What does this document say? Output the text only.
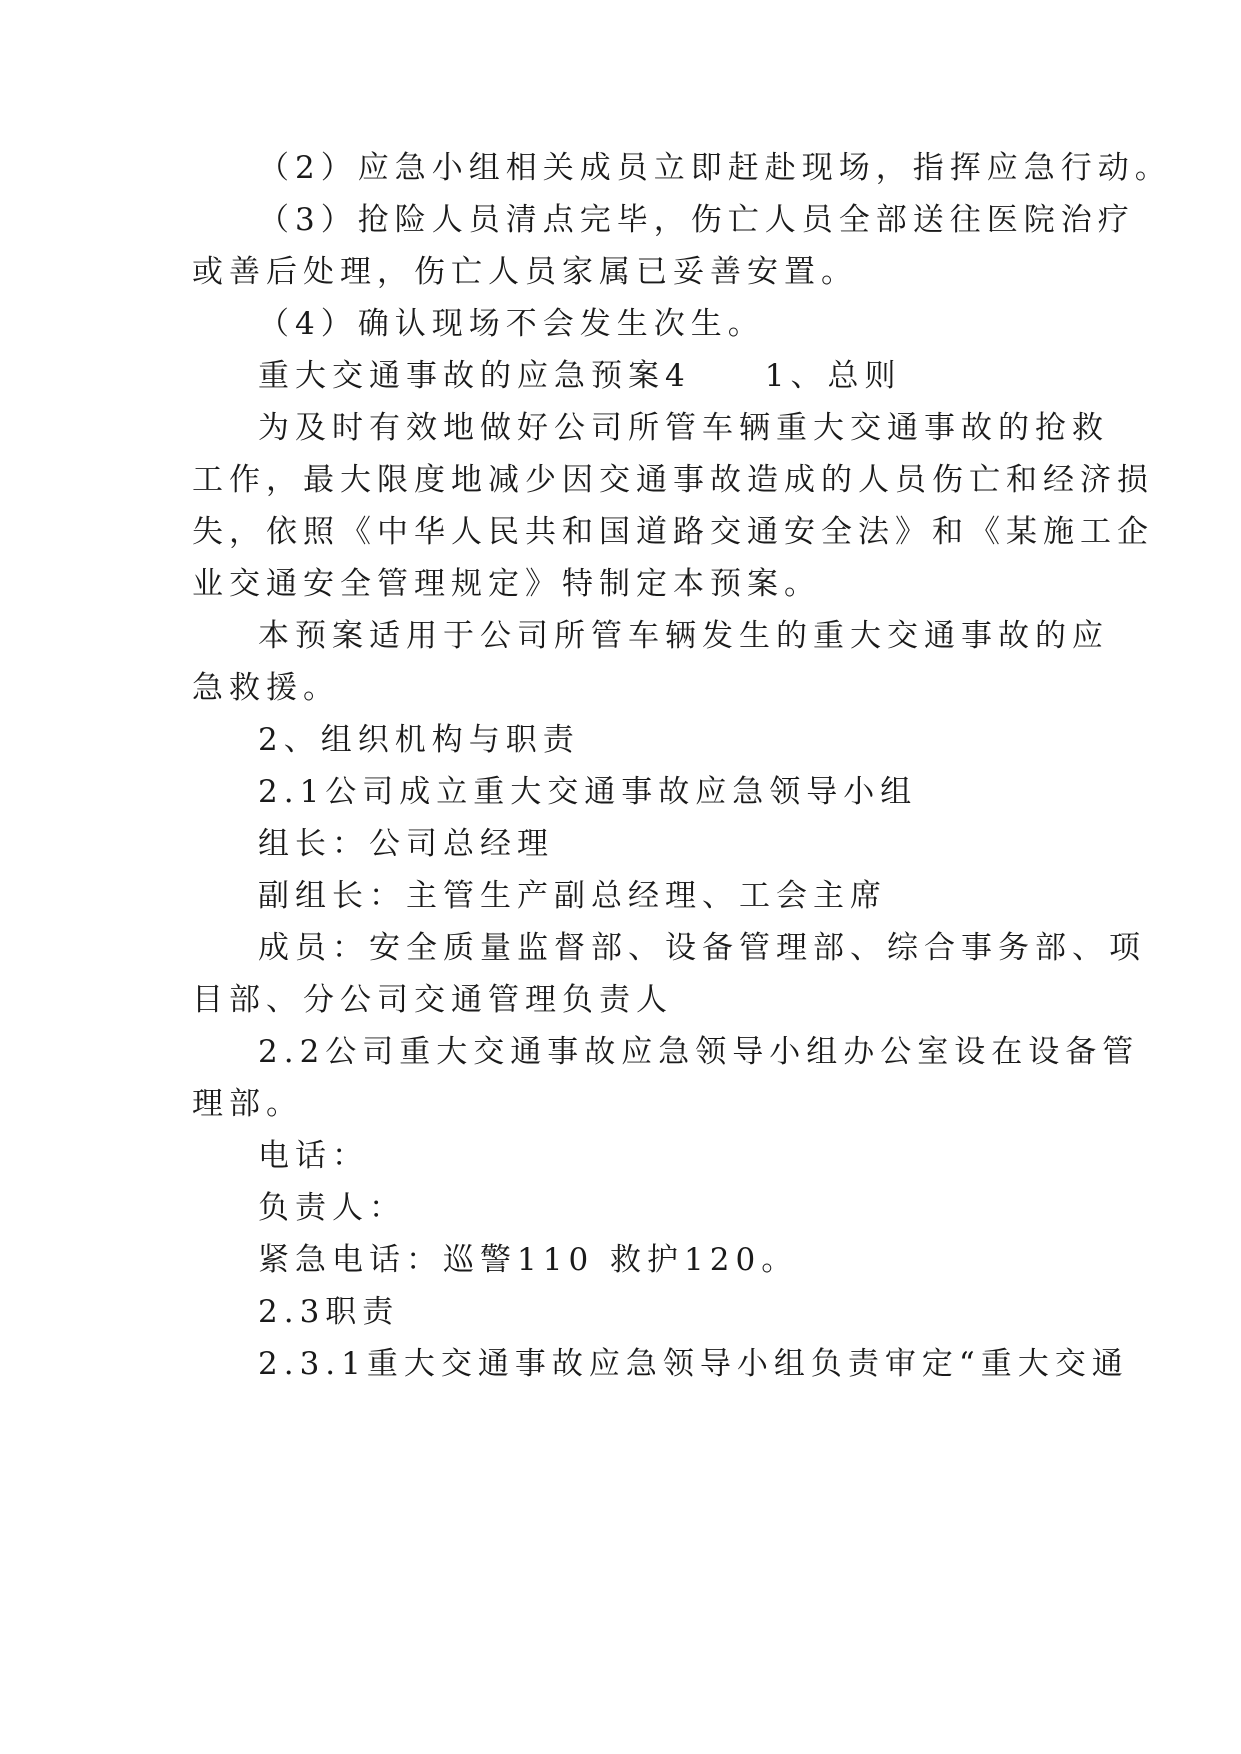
（2）应急小组相关成员立即赶赴现场，指挥应急行动。

（3）抢险人员清点完毕，伤亡人员全部送往医院治疗

或善后处理，伤亡人员家属已妥善安置。

（4）确认现场不会发生次生。

重大交通事故的应急预案4　　1、总则

为及时有效地做好公司所管车辆重大交通事故的抢救

工作，最大限度地减少因交通事故造成的人员伤亡和经济损

失，依照《中华人民共和国道路交通安全法》和《某施工企

业交通安全管理规定》特制定本预案。

本预案适用于公司所管车辆发生的重大交通事故的应

急救援。

2、组织机构与职责

2.1公司成立重大交通事故应急领导小组

组长：公司总经理

副组长：主管生产副总经理、工会主席

成员：安全质量监督部、设备管理部、综合事务部、项

目部、分公司交通管理负责人

2.2公司重大交通事故应急领导小组办公室设在设备管

理部。

电话：

负责人：

紧急电话：巡警110 救护120。

2.3职责

2.3.1重大交通事故应急领导小组负责审定“重大交通
